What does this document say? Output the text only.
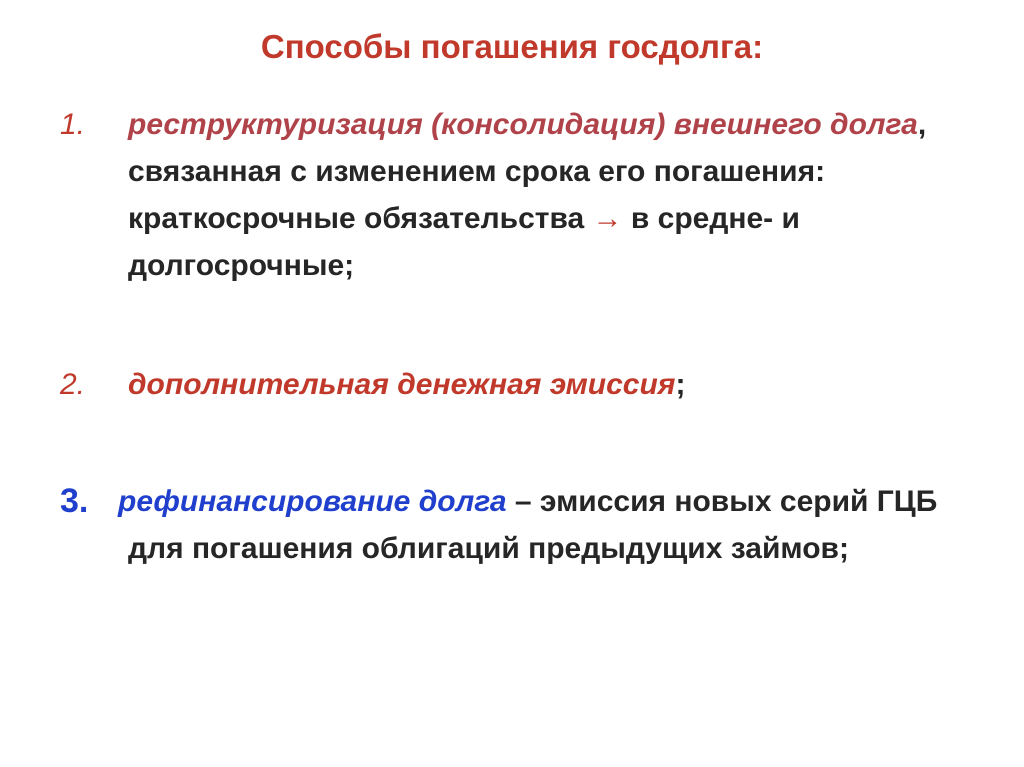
Способы погашения госдолга:
1. реструктуризация (консолидация) внешнего долга, связанная с изменением срока его погашения: краткосрочные обязательства → в средне- и долгосрочные;
2. дополнительная денежная эмиссия;
3. рефинансирование долга – эмиссия новых серий ГЦБ для погашения облигаций предыдущих займов;
